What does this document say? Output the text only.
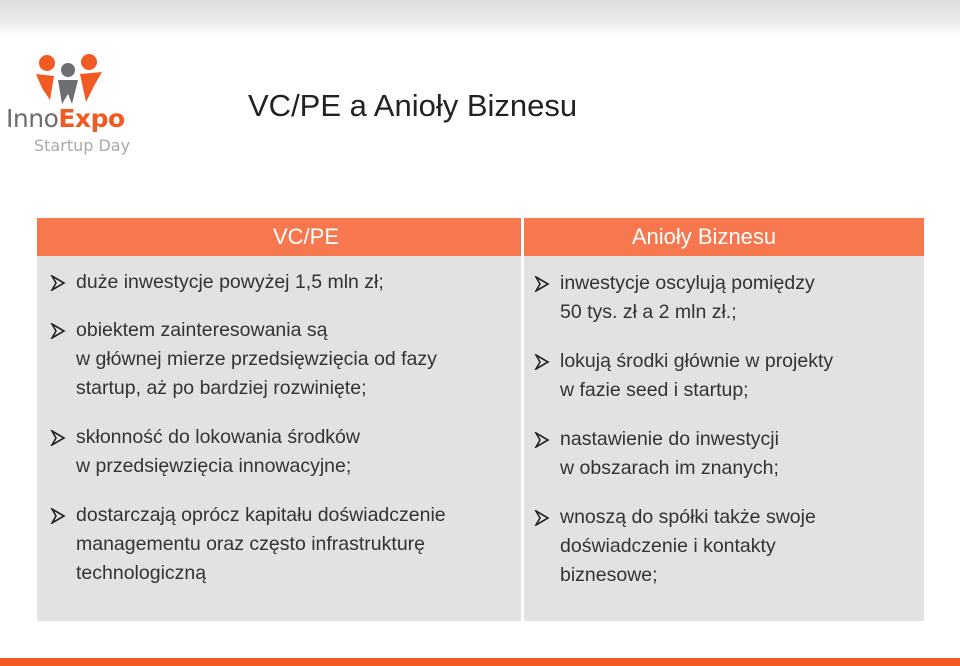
InnoExpo
Startup Day
VC/PE a Anioły Biznesu
VC/PE
duże inwestycje powyżej 1,5 mln zł;
obiektem zainteresowania są
w głównej mierze przedsięwzięcia od fazy
startup, aż po bardziej rozwinięte;
skłonność do lokowania środków
w przedsięwzięcia innowacyjne;
dostarczają oprócz kapitału doświadczenie
managementu oraz często infrastrukturę
technologiczną
Anioły Biznesu
inwestycje oscylują pomiędzy
50 tys. zł a 2 mln zł.;
lokują środki głównie w projekty
w fazie seed i startup;
nastawienie do inwestycji
w obszarach im znanych;
wnoszą do spółki także swoje
doświadczenie i kontakty
biznesowe;
